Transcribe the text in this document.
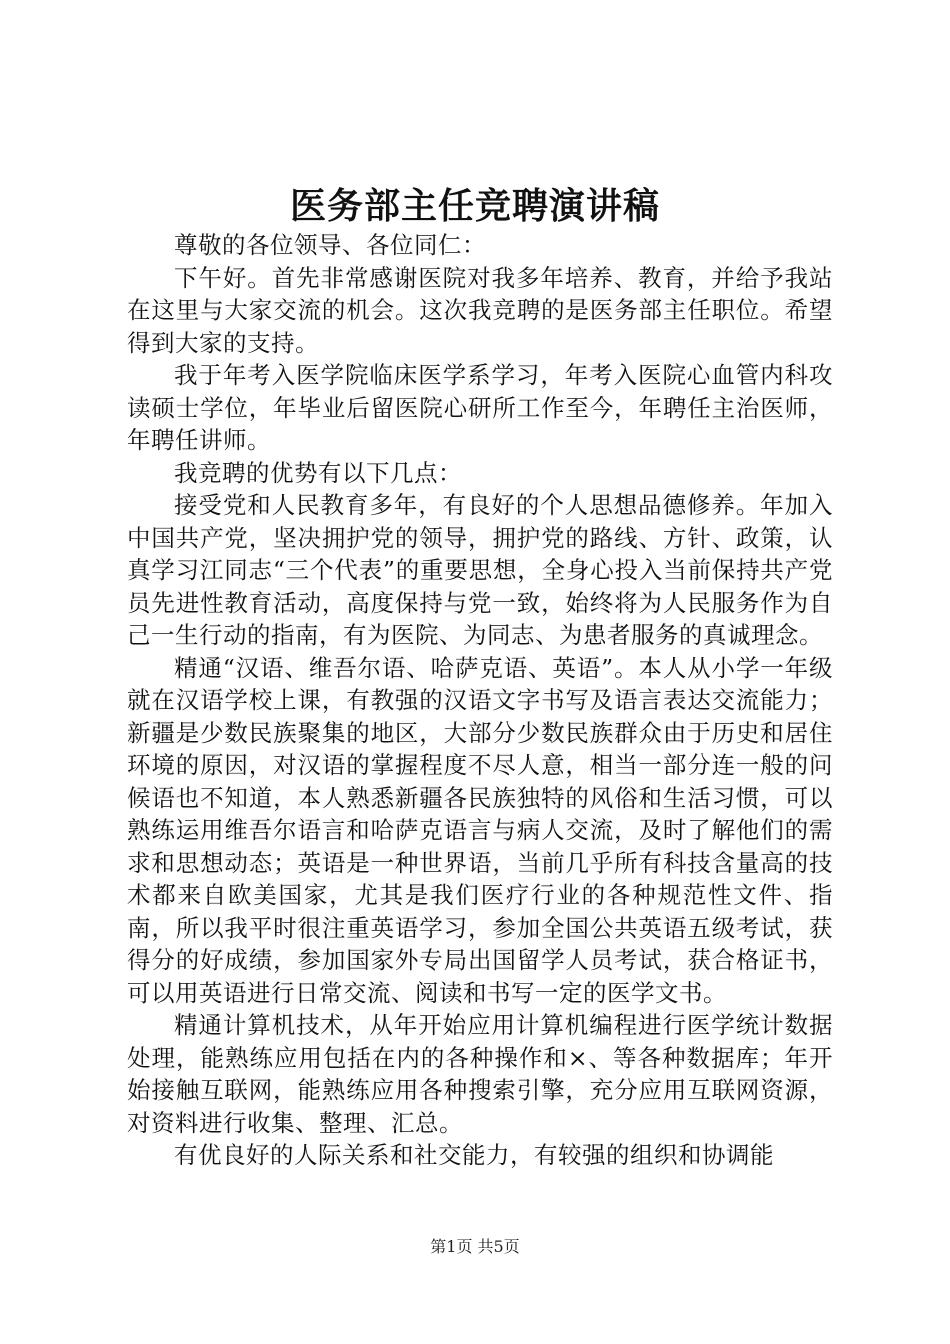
医务部主任竞聘演讲稿

尊敬的各位领导、各位同仁：

下午好。首先非常感谢医院对我多年培养、教育，并给予我站在这里与大家交流的机会。这次我竞聘的是医务部主任职位。希望得到大家的支持。

我于年考入医学院临床医学系学习，年考入医院心血管内科攻读硕士学位，年毕业后留医院心研所工作至今，年聘任主治医师，年聘任讲师。

我竞聘的优势有以下几点：

接受党和人民教育多年，有良好的个人思想品德修养。年加入中国共产党，坚决拥护党的领导，拥护党的路线、方针、政策，认真学习江同志“三个代表”的重要思想，全身心投入当前保持共产党员先进性教育活动，高度保持与党一致，始终将为人民服务作为自己一生行动的指南，有为医院、为同志、为患者服务的真诚理念。

精通“汉语、维吾尔语、哈萨克语、英语”。本人从小学一年级就在汉语学校上课，有教强的汉语文字书写及语言表达交流能力；新疆是少数民族聚集的地区，大部分少数民族群众由于历史和居住环境的原因，对汉语的掌握程度不尽人意，相当一部分连一般的问候语也不知道，本人熟悉新疆各民族独特的风俗和生活习惯，可以熟练运用维吾尔语言和哈萨克语言与病人交流，及时了解他们的需求和思想动态；英语是一种世界语，当前几乎所有科技含量高的技术都来自欧美国家，尤其是我们医疗行业的各种规范性文件、指南，所以我平时很注重英语学习，参加全国公共英语五级考试，获得分的好成绩，参加国家外专局出国留学人员考试，获合格证书，可以用英语进行日常交流、阅读和书写一定的医学文书。

精通计算机技术，从年开始应用计算机编程进行医学统计数据处理，能熟练应用包括在内的各种操作和×、等各种数据库；年开始接触互联网，能熟练应用各种搜索引擎，充分应用互联网资源，对资料进行收集、整理、汇总。

有优良好的人际关系和社交能力，有较强的组织和协调能

第1页 共5页
